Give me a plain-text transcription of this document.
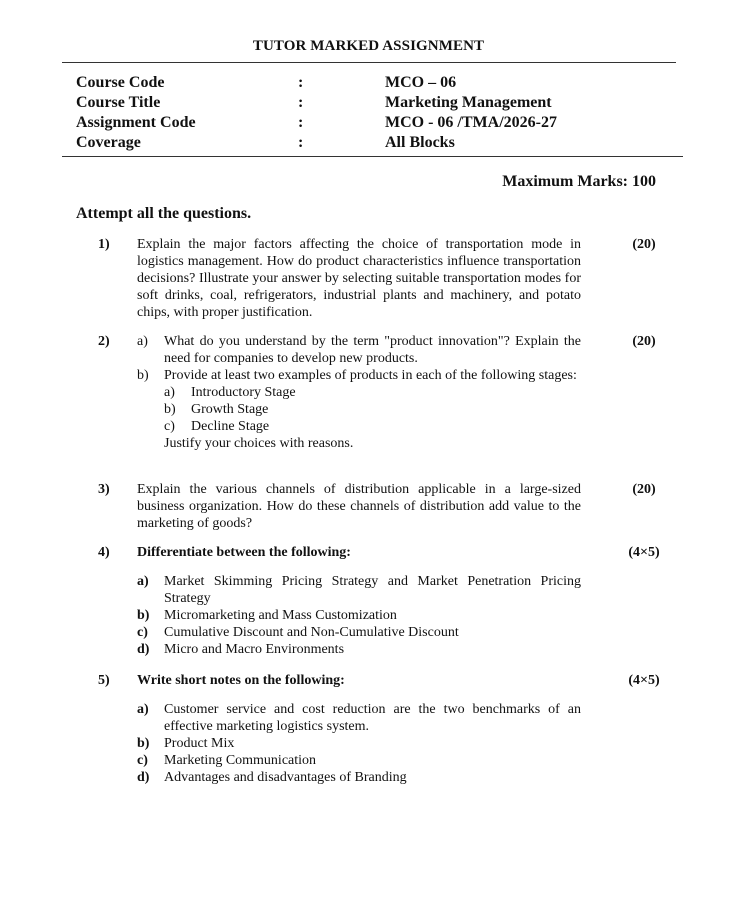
TUTOR MARKED ASSIGNMENT
Course Code	:	MCO – 06
Course Title	:	Marketing Management
Assignment Code	:	MCO - 06 /TMA/2026-27
Coverage	:	All Blocks
Maximum Marks: 100
Attempt all the questions.
1) Explain the major factors affecting the choice of transportation mode in logistics management. How do product characteristics influence transportation decisions? Illustrate your answer by selecting suitable transportation modes for soft drinks, coal, refrigerators, industrial plants and machinery, and potato chips, with proper justification.
(20)
2) a) What do you understand by the term "product innovation"? Explain the need for companies to develop new products.
b) Provide at least two examples of products in each of the following stages:
a) Introductory Stage
b) Growth Stage
c) Decline Stage
Justify your choices with reasons.
(20)
3) Explain the various channels of distribution applicable in a large-sized business organization. How do these channels of distribution add value to the marketing of goods?
(20)
4) Differentiate between the following:	(4×5)
a) Market Skimming Pricing Strategy and Market Penetration Pricing Strategy
b) Micromarketing and Mass Customization
c) Cumulative Discount and Non-Cumulative Discount
d) Micro and Macro Environments
5) Write short notes on the following:	(4×5)
a) Customer service and cost reduction are the two benchmarks of an effective marketing logistics system.
b) Product Mix
c) Marketing Communication
d) Advantages and disadvantages of Branding
